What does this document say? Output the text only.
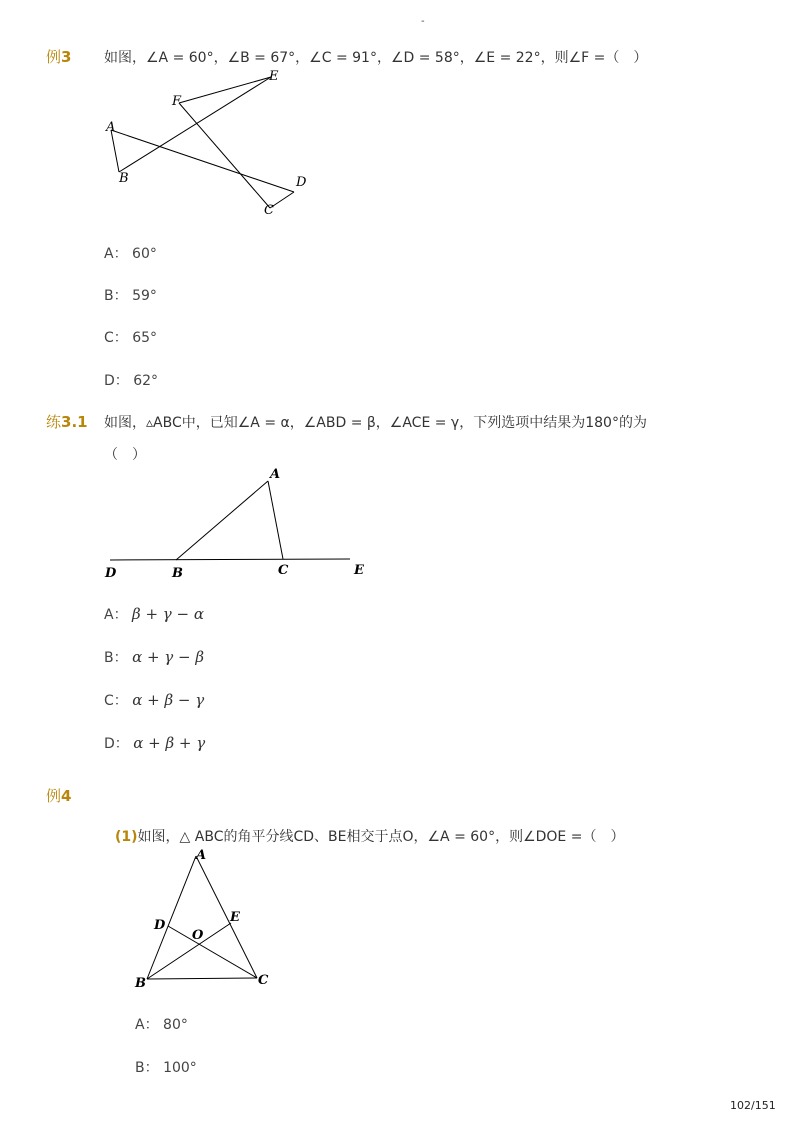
-
例3 如图，∠A = 60°，∠B = 67°，∠C = 91°，∠D = 58°，∠E = 22°，则∠F =（　）
A
B
C
D
E
F
A： 60°
B： 59°
C： 65°
D： 62°
练3.1 如图，▵ABC中，已知∠A = α，∠ABD = β，∠ACE = γ，下列选项中结果为180°的为
（　）
A
B	C
D	E
A： β + γ − α
B： α + γ − β
C： α + β − γ
D： α + β + γ
例4
(1)如图，△ ABC的角平分线CD、BE相交于点O，∠A = 60°，则∠DOE =（　）
A
B	C
D
E
O
A： 80°
B： 100°
102/151
